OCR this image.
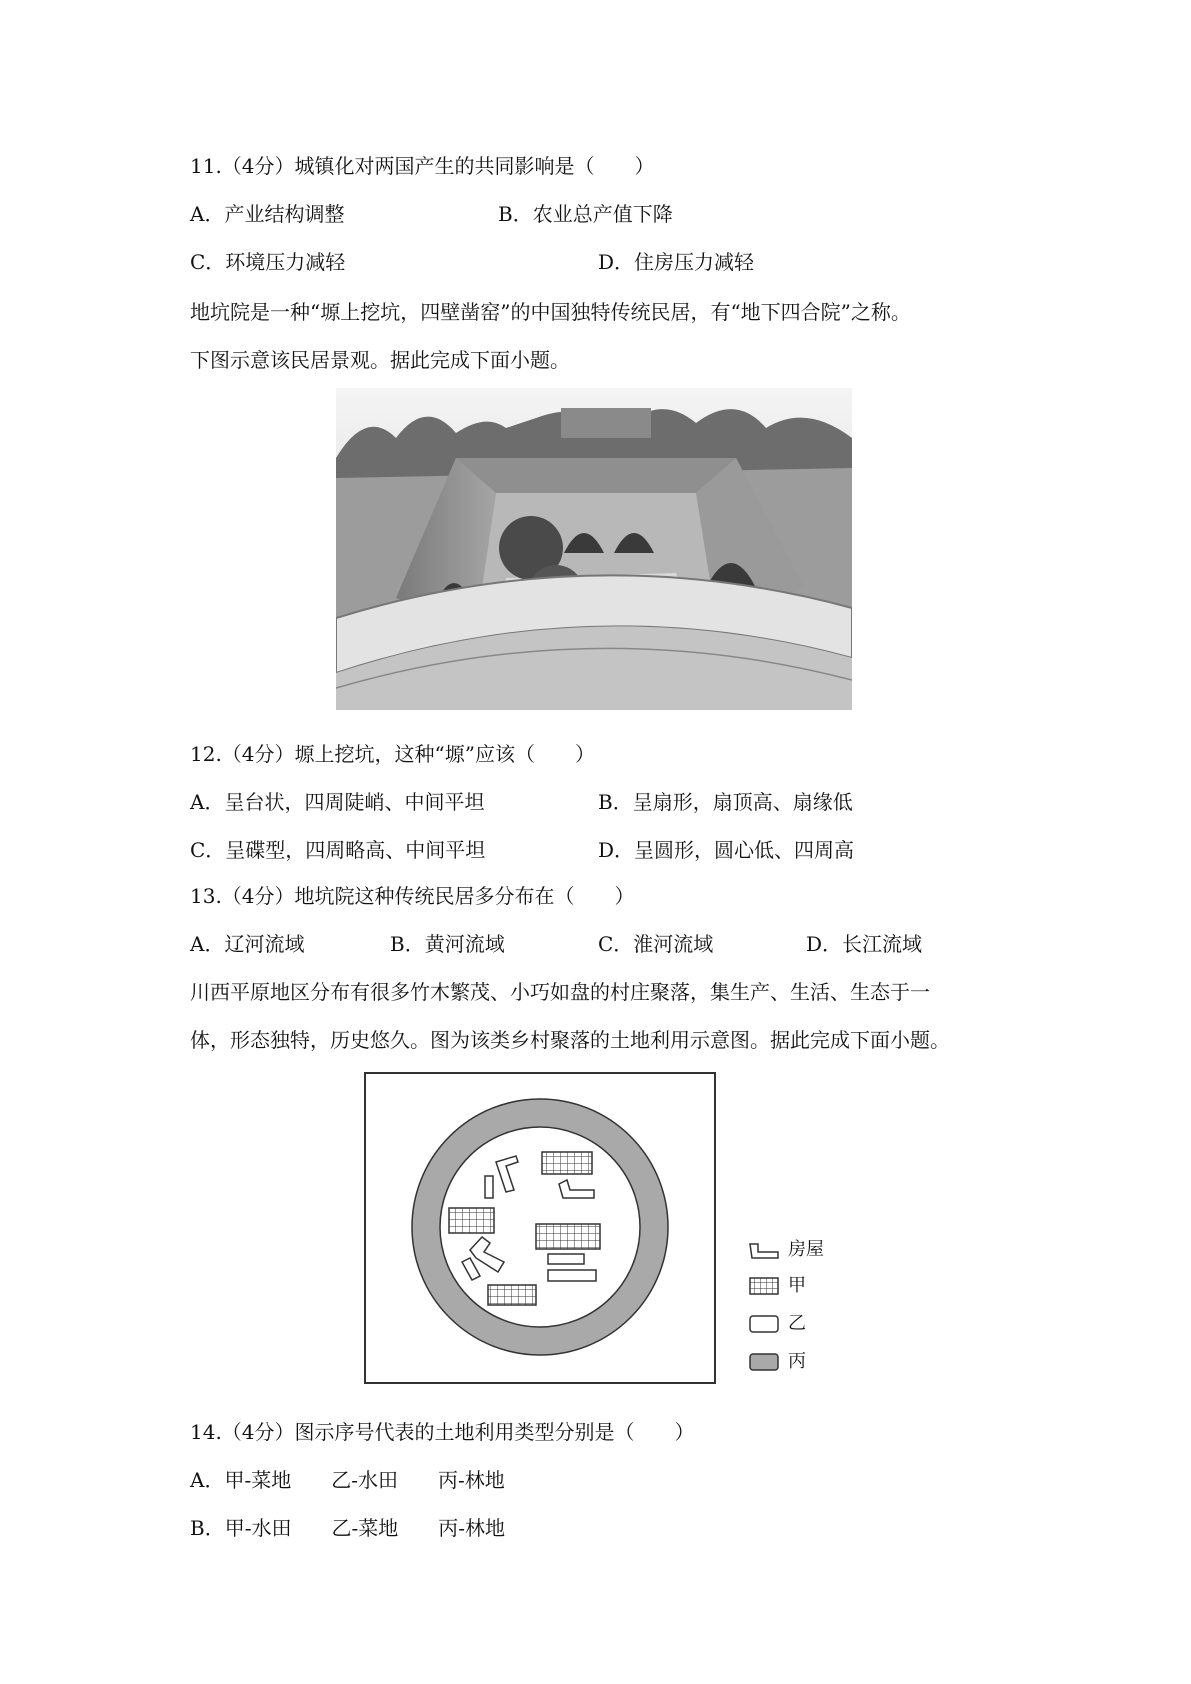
11.（4分）城镇化对两国产生的共同影响是（　　）
A．产业结构调整	B．农业总产值下降
C．环境压力减轻	D．住房压力减轻
地坑院是一种“塬上挖坑，四壁凿窑”的中国独特传统民居，有“地下四合院”之称。
下图示意该民居景观。据此完成下面小题。
12.（4分）塬上挖坑，这种“塬”应该（　　）
A．呈台状，四周陡峭、中间平坦	B．呈扇形，扇顶高、扇缘低
C．呈碟型，四周略高、中间平坦	D．呈圆形，圆心低、四周高
13.（4分）地坑院这种传统民居多分布在（　　）
A．辽河流域	B．黄河流域	C．淮河流域	D．长江流域
川西平原地区分布有很多竹木繁茂、小巧如盘的村庄聚落，集生产、生活、生态于一
体，形态独特，历史悠久。图为该类乡村聚落的土地利用示意图。据此完成下面小题。
房屋
甲
乙
丙
14.（4分）图示序号代表的土地利用类型分别是（　　）
A．甲-菜地　　乙-水田　　丙-林地
B．甲-水田　　乙-菜地　　丙-林地
